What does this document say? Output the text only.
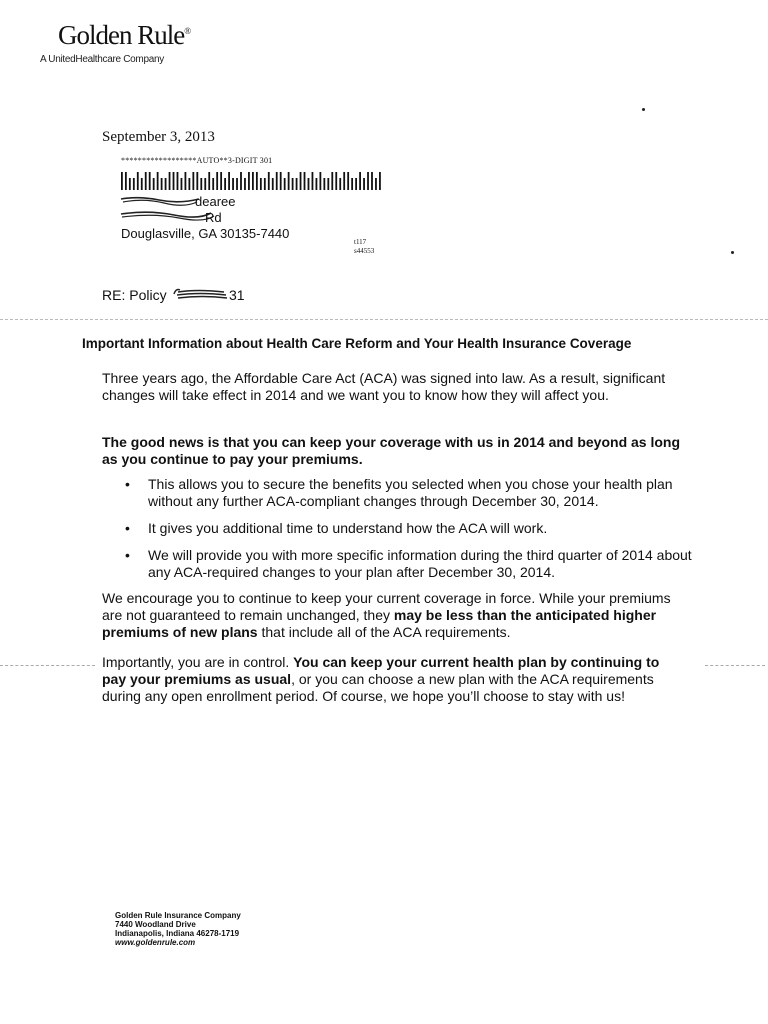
Golden Rule®
A UnitedHealthcare Company
September 3, 2013
******************AUTO**3-DIGIT 301
dearee
Rd
Douglasville, GA 30135-7440
t117
s44553
RE: Policy	31
Important Information about Health Care Reform and Your Health Insurance Coverage
Three years ago, the Affordable Care Act (ACA) was signed into law. As a result, significant changes will take effect in 2014 and we want you to know how they will affect you.
The good news is that you can keep your coverage with us in 2014 and beyond as long as you continue to pay your premiums.
• This allows you to secure the benefits you selected when you chose your health plan without any further ACA-compliant changes through December 30, 2014.
• It gives you additional time to understand how the ACA will work.
• We will provide you with more specific information during the third quarter of 2014 about any ACA-required changes to your plan after December 30, 2014.
We encourage you to continue to keep your current coverage in force. While your premiums are not guaranteed to remain unchanged, they may be less than the anticipated higher premiums of new plans that include all of the ACA requirements.
Importantly, you are in control. You can keep your current health plan by continuing to pay your premiums as usual, or you can choose a new plan with the ACA requirements during any open enrollment period. Of course, we hope you’ll choose to stay with us!
Golden Rule Insurance Company
7440 Woodland Drive
Indianapolis, Indiana 46278-1719
www.goldenrule.com
